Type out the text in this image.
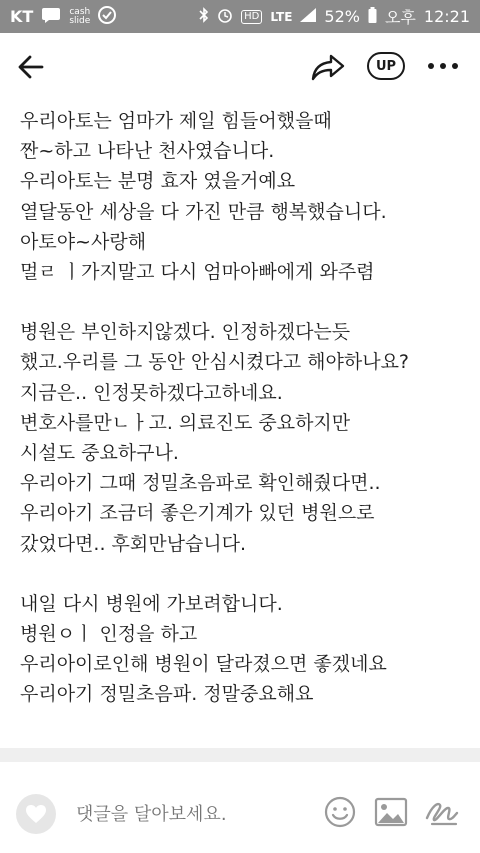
KT	cash
slide	HD LTE 52% 오후 12:21
UP
우리아토는 엄마가 제일 힘들어했을때
짠~하고 나타난 천사였습니다.
우리아토는 분명 효자 였을거예요
열달동안 세상을 다 가진 만큼 행복했습니다.
아토야~사랑해
멀ㄹ ㅣ가지말고 다시 엄마아빠에게 와주렴
병원은 부인하지않겠다. 인정하겠다는듯
했고.우리를 그 동안 안심시켰다고 해야하나요?
지금은.. 인정못하겠다고하네요.
변호사를만ㄴㅏ고. 의료진도 중요하지만
시설도 중요하구나.
우리아기 그때 정밀초음파로 확인해줬다면..
우리아기 조금더 좋은기계가 있던 병원으로
갔었다면.. 후회만남습니다.
내일 다시 병원에 가보려합니다.
병원ㅇㅣ 인정을 하고
우리아이로인해 병원이 달라졌으면 좋겠네요
우리아기 정밀초음파. 정말중요해요
댓글을 달아보세요.
